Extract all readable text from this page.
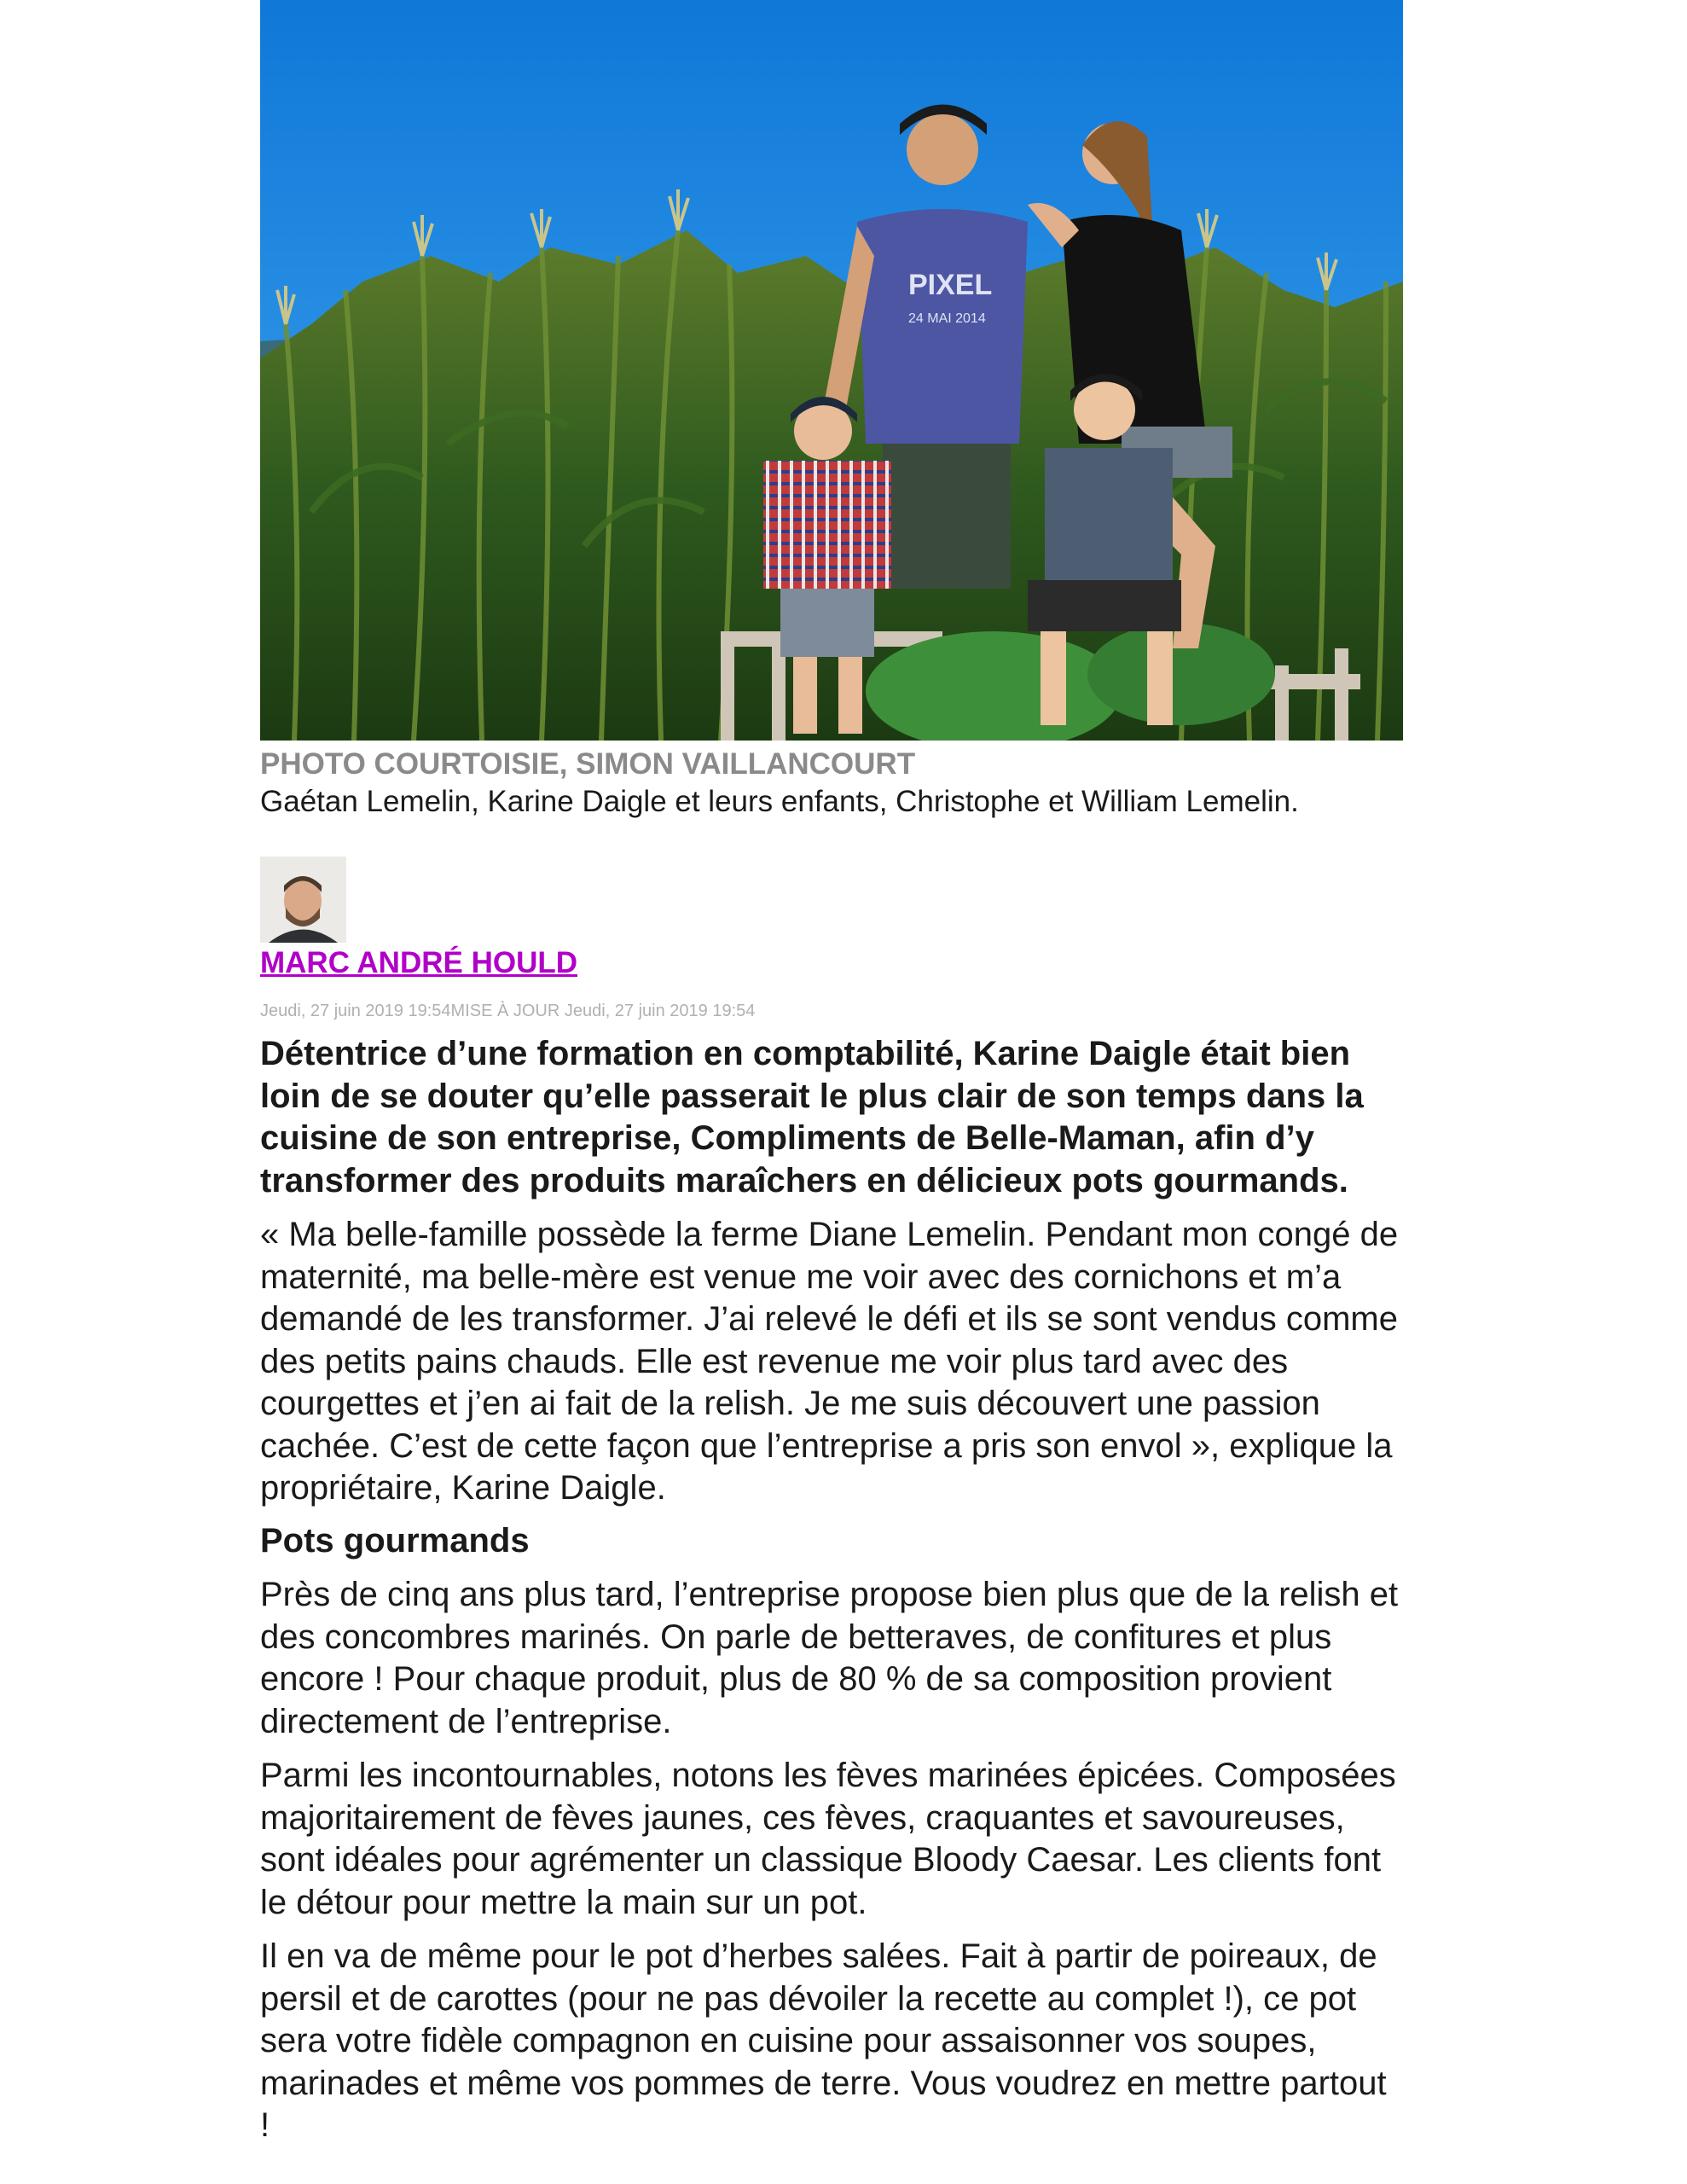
PIXEL
24 MAI 2014
PHOTO COURTOISIE, SIMON VAILLANCOURT
Gaétan Lemelin, Karine Daigle et leurs enfants, Christophe et William Lemelin.
MARC ANDRÉ HOULD
Jeudi, 27 juin 2019 19:54MISE À JOUR Jeudi, 27 juin 2019 19:54

Détentrice d’une formation en comptabilité, Karine Daigle était bien loin de se douter qu’elle passerait le plus clair de son temps dans la cuisine de son entreprise, Compliments de Belle-Maman, afin d’y transformer des produits maraîchers en délicieux pots gourmands.

« Ma belle-famille possède la ferme Diane Lemelin. Pendant mon congé de maternité, ma belle-mère est venue me voir avec des cornichons et m’a demandé de les transformer. J’ai relevé le défi et ils se sont vendus comme des petits pains chauds. Elle est revenue me voir plus tard avec des courgettes et j’en ai fait de la relish. Je me suis découvert une passion cachée. C’est de cette façon que l’entreprise a pris son envol », explique la propriétaire, Karine Daigle.

Pots gourmands

Près de cinq ans plus tard, l’entreprise propose bien plus que de la relish et des concombres marinés. On parle de betteraves, de confitures et plus encore ! Pour chaque produit, plus de 80 % de sa composition provient directement de l’entreprise.

Parmi les incontournables, notons les fèves marinées épicées. Composées majoritairement de fèves jaunes, ces fèves, craquantes et savoureuses, sont idéales pour agrémenter un classique Bloody Caesar. Les clients font le détour pour mettre la main sur un pot.

Il en va de même pour le pot d’herbes salées. Fait à partir de poireaux, de persil et de carottes (pour ne pas dévoiler la recette au complet !), ce pot sera votre fidèle compagnon en cuisine pour assaisonner vos soupes, marinades et même vos pommes de terre. Vous voudrez en mettre partout !
